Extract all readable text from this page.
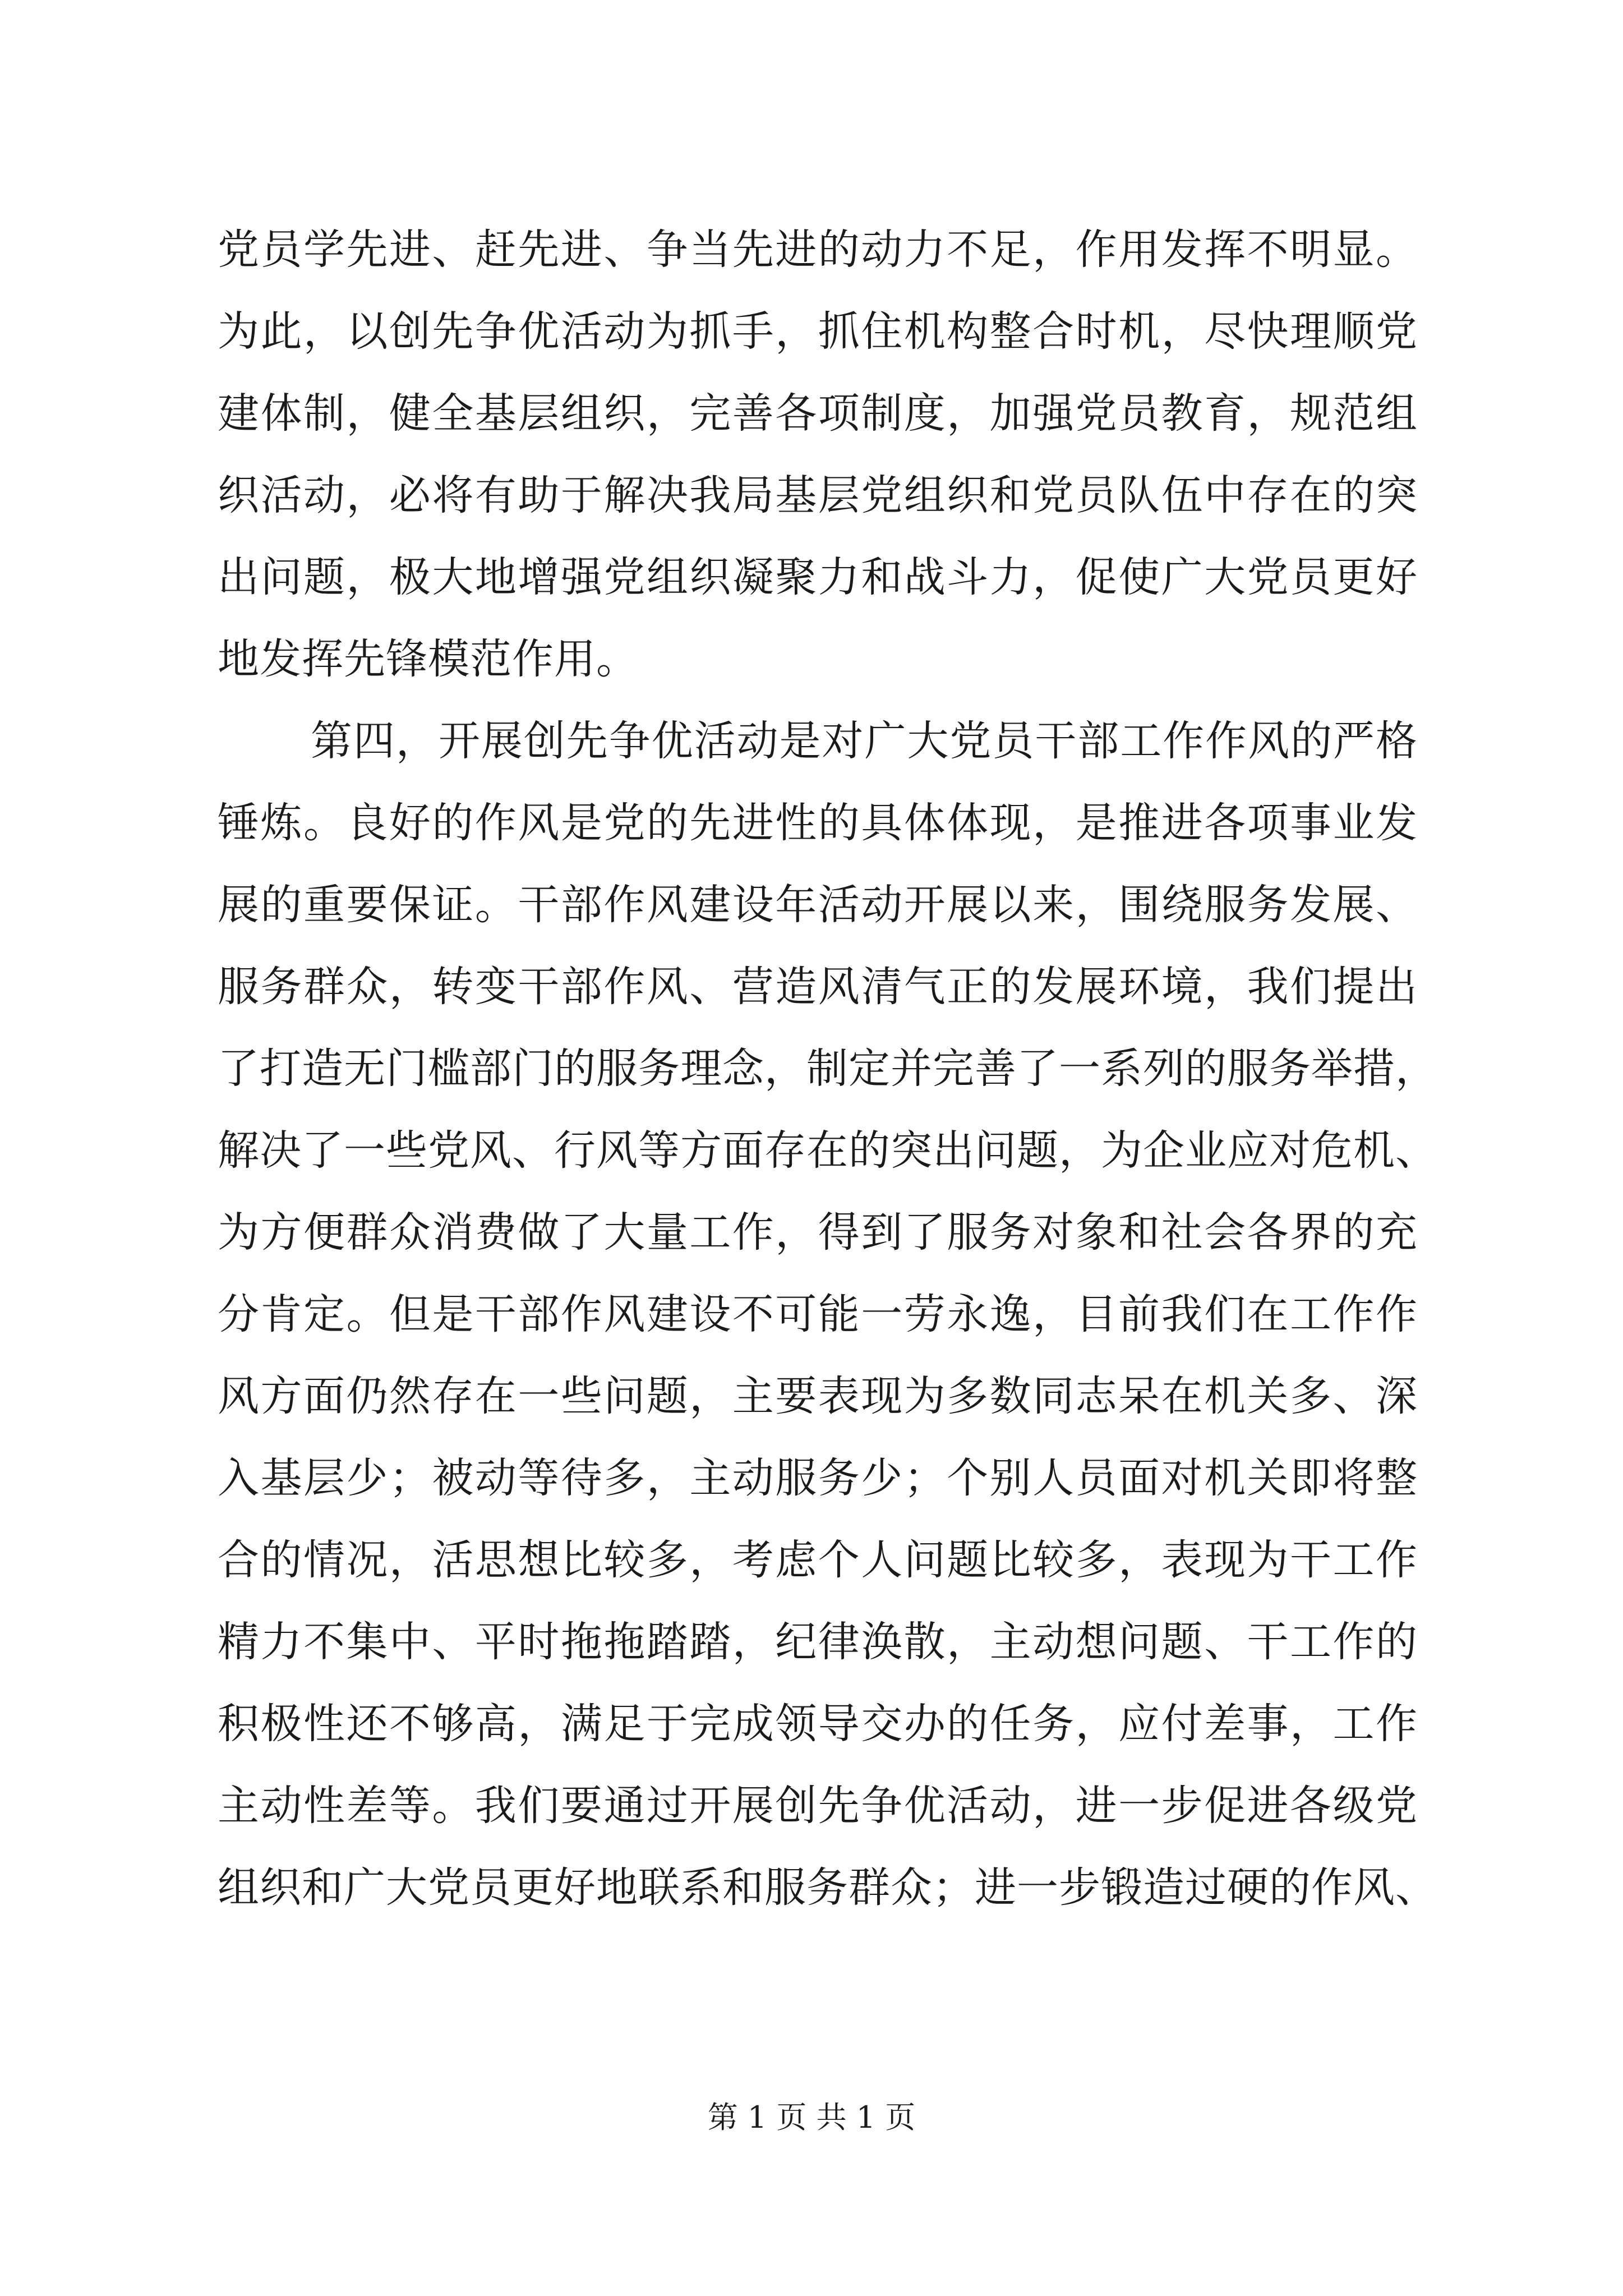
党员学先进、赶先进、争当先进的动力不足，作用发挥不明显。
为此，以创先争优活动为抓手，抓住机构整合时机，尽快理顺党
建体制，健全基层组织，完善各项制度，加强党员教育，规范组
织活动，必将有助于解决我局基层党组织和党员队伍中存在的突
出问题，极大地增强党组织凝聚力和战斗力，促使广大党员更好
地发挥先锋模范作用。
第四，开展创先争优活动是对广大党员干部工作作风的严格
锤炼。良好的作风是党的先进性的具体体现，是推进各项事业发
展的重要保证。干部作风建设年活动开展以来，围绕服务发展、
服务群众，转变干部作风、营造风清气正的发展环境，我们提出
了打造无门槛部门的服务理念，制定并完善了一系列的服务举措，
解决了一些党风、行风等方面存在的突出问题，为企业应对危机、
为方便群众消费做了大量工作，得到了服务对象和社会各界的充
分肯定。但是干部作风建设不可能一劳永逸，目前我们在工作作
风方面仍然存在一些问题，主要表现为多数同志呆在机关多、深
入基层少；被动等待多，主动服务少；个别人员面对机关即将整
合的情况，活思想比较多，考虑个人问题比较多，表现为干工作
精力不集中、平时拖拖踏踏，纪律涣散，主动想问题、干工作的
积极性还不够高，满足于完成领导交办的任务，应付差事，工作
主动性差等。我们要通过开展创先争优活动，进一步促进各级党
组织和广大党员更好地联系和服务群众；进一步锻造过硬的作风、
第 1 页 共 1 页
